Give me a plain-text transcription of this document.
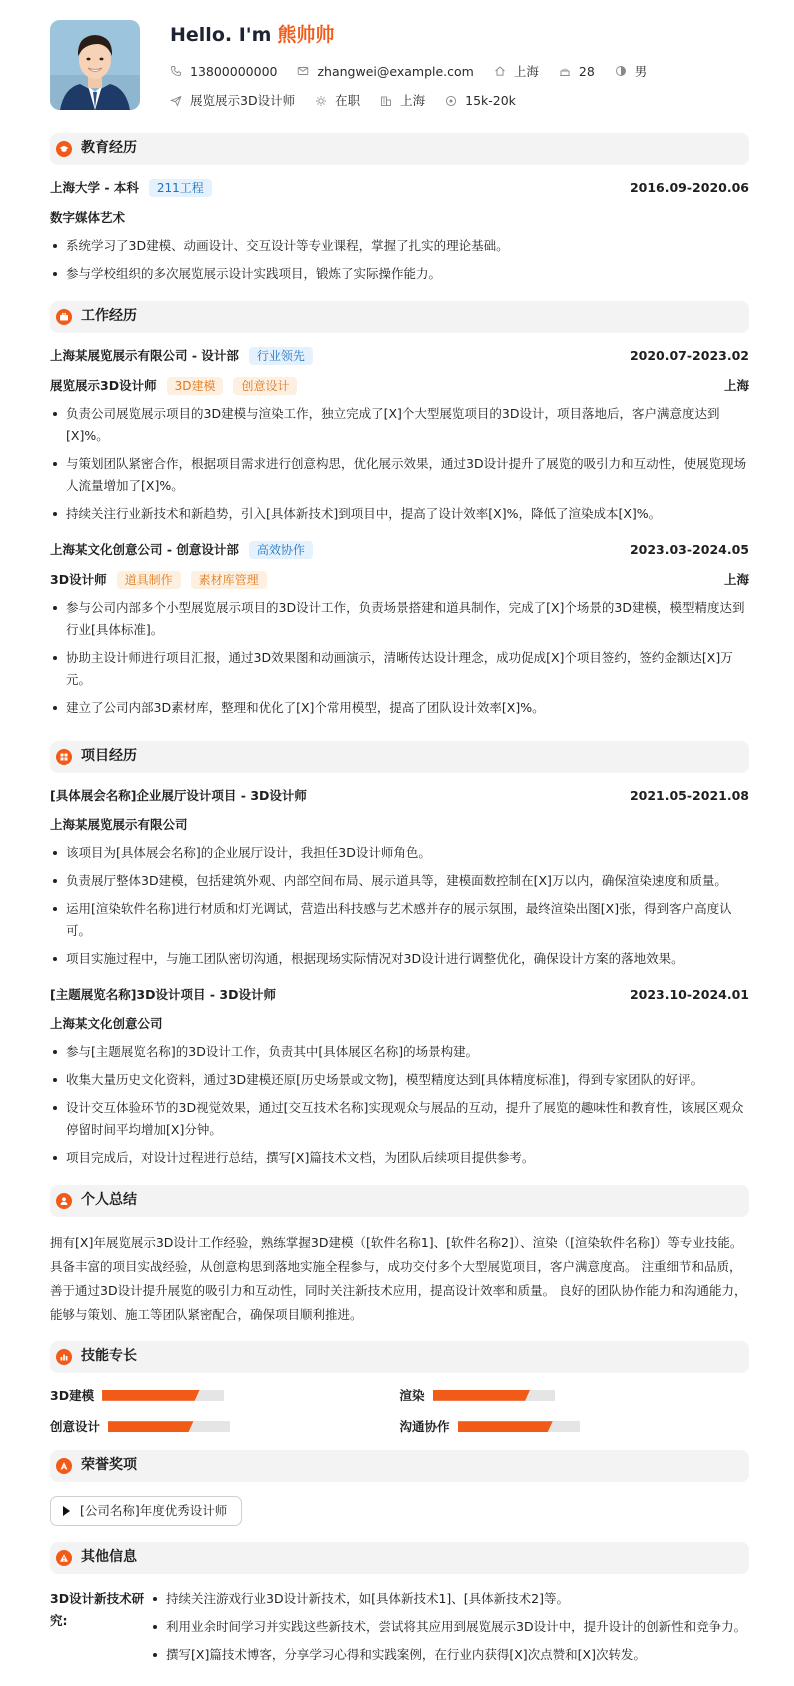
Hello. I'm 熊帅帅
13800000000	zhangwei@example.com	上海	28	男
展览展示3D设计师	在职	上海	15k-20k
教育经历
上海大学 - 本科	211工程	2016.09-2020.06
数字媒体艺术
系统学习了3D建模、动画设计、交互设计等专业课程，掌握了扎实的理论基础。
参与学校组织的多次展览展示设计实践项目，锻炼了实际操作能力。
工作经历
上海某展览展示有限公司 - 设计部	行业领先	2020.07-2023.02
展览展示3D设计师	3D建模	创意设计	上海
负责公司展览展示项目的3D建模与渲染工作，独立完成了[X]个大型展览项目的3D设计，项目落地后，客户满意度达到[X]%。
与策划团队紧密合作，根据项目需求进行创意构思，优化展示效果，通过3D设计提升了展览的吸引力和互动性，使展览现场人流量增加了[X]%。
持续关注行业新技术和新趋势，引入[具体新技术]到项目中，提高了设计效率[X]%，降低了渲染成本[X]%。
上海某文化创意公司 - 创意设计部	高效协作	2023.03-2024.05
3D设计师	道具制作	素材库管理	上海
参与公司内部多个小型展览展示项目的3D设计工作，负责场景搭建和道具制作，完成了[X]个场景的3D建模，模型精度达到行业[具体标准]。
协助主设计师进行项目汇报，通过3D效果图和动画演示，清晰传达设计理念，成功促成[X]个项目签约，签约金额达[X]万元。
建立了公司内部3D素材库，整理和优化了[X]个常用模型，提高了团队设计效率[X]%。
项目经历
[具体展会名称]企业展厅设计项目 - 3D设计师	2021.05-2021.08
上海某展览展示有限公司
该项目为[具体展会名称]的企业展厅设计，我担任3D设计师角色。
负责展厅整体3D建模，包括建筑外观、内部空间布局、展示道具等，建模面数控制在[X]万以内，确保渲染速度和质量。
运用[渲染软件名称]进行材质和灯光调试，营造出科技感与艺术感并存的展示氛围，最终渲染出图[X]张，得到客户高度认可。
项目实施过程中，与施工团队密切沟通，根据现场实际情况对3D设计进行调整优化，确保设计方案的落地效果。
[主题展览名称]3D设计项目 - 3D设计师	2023.10-2024.01
上海某文化创意公司
参与[主题展览名称]的3D设计工作，负责其中[具体展区名称]的场景构建。
收集大量历史文化资料，通过3D建模还原[历史场景或文物]，模型精度达到[具体精度标准]，得到专家团队的好评。
设计交互体验环节的3D视觉效果，通过[交互技术名称]实现观众与展品的互动，提升了展览的趣味性和教育性，该展区观众停留时间平均增加[X]分钟。
项目完成后，对设计过程进行总结，撰写[X]篇技术文档，为团队后续项目提供参考。
个人总结

拥有[X]年展览展示3D设计工作经验，熟练掌握3D建模（[软件名称1]、[软件名称2]）、渲染（[渲染软件名称]）等专业技能。 具备丰富的项目实战经验，从创意构思到落地实施全程参与，成功交付多个大型展览项目，客户满意度高。 注重细节和品质，善于通过3D设计提升展览的吸引力和互动性，同时关注新技术应用，提高设计效率和质量。 良好的团队协作能力和沟通能力，能够与策划、施工等团队紧密配合，确保项目顺利推进。

技能专长
3D建模	渲染
创意设计	沟通协作
荣誉奖项
[公司名称]年度优秀设计师
其他信息
3D设计新技术研究:
持续关注游戏行业3D设计新技术，如[具体新技术1]、[具体新技术2]等。
利用业余时间学习并实践这些新技术，尝试将其应用到展览展示3D设计中，提升设计的创新性和竞争力。
撰写[X]篇技术博客，分享学习心得和实践案例，在行业内获得[X]次点赞和[X]次转发。
